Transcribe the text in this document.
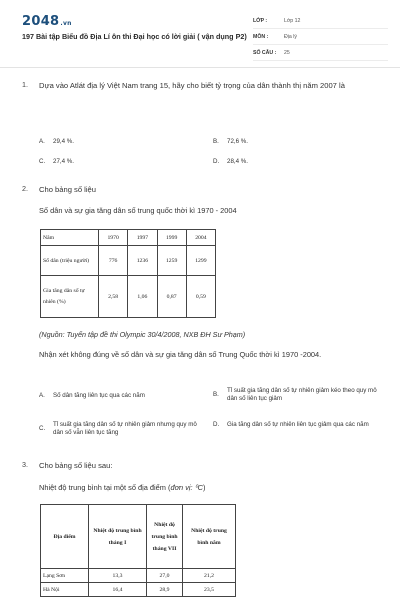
2048.vn
197 Bài tập Biểu đồ Địa Lí ôn thi Đại học có lời giải ( vận dụng P2)
LỚP :	Lớp 12
MÔN :	Địa lý
SỐ CÂU :	25
1. Dựa vào Atlát địa lý Việt Nam trang 15, hãy cho biết tỷ trọng của dân thành thị năm 2007 là
A.	29,4 %.	B.	72,6 %.
C.	27,4 %.	D.	28,4 %.
2. Cho bảng số liệu
Số dân và sự gia tăng dân số trung quốc thời kì 1970 - 2004
Năm	1970	1997	1999	2004
Số dân (triệu người)	776	1236	1259	1299
Gia tăng dân số tự nhiên (%)	2,58	1,06	0,87	0,59
(Nguồn: Tuyển tập đề thi Olympic 30/4/2008, NXB ĐH Sư Phạm)
Nhận xét không đúng về số dân và sự gia tăng dân số Trung Quốc thời kì 1970 -2004.
A.	Số dân tăng liên tục qua các năm	B.
Tỉ suất gia tăng dân số tự nhiên giảm kéo theo quy mô dân số liên tục giảm
C.
Tỉ suất gia tăng dân số tự nhiên giảm nhưng quy mô dân số vẫn liên tục tăng
D.	Gia tăng dân số tự nhiên liên tục giảm qua các năm
3. Cho bảng số liệu sau:
Nhiệt độ trung bình tại một số địa điểm (đơn vị: ⁰C)
Địa điểm	Nhiệt độ trung bình tháng I	Nhiệt độ trung bình tháng VII	Nhiệt độ trung bình năm
Lạng Sơn	13,3	27,0	21,2
Hà Nội	16,4	28,9	23,5
